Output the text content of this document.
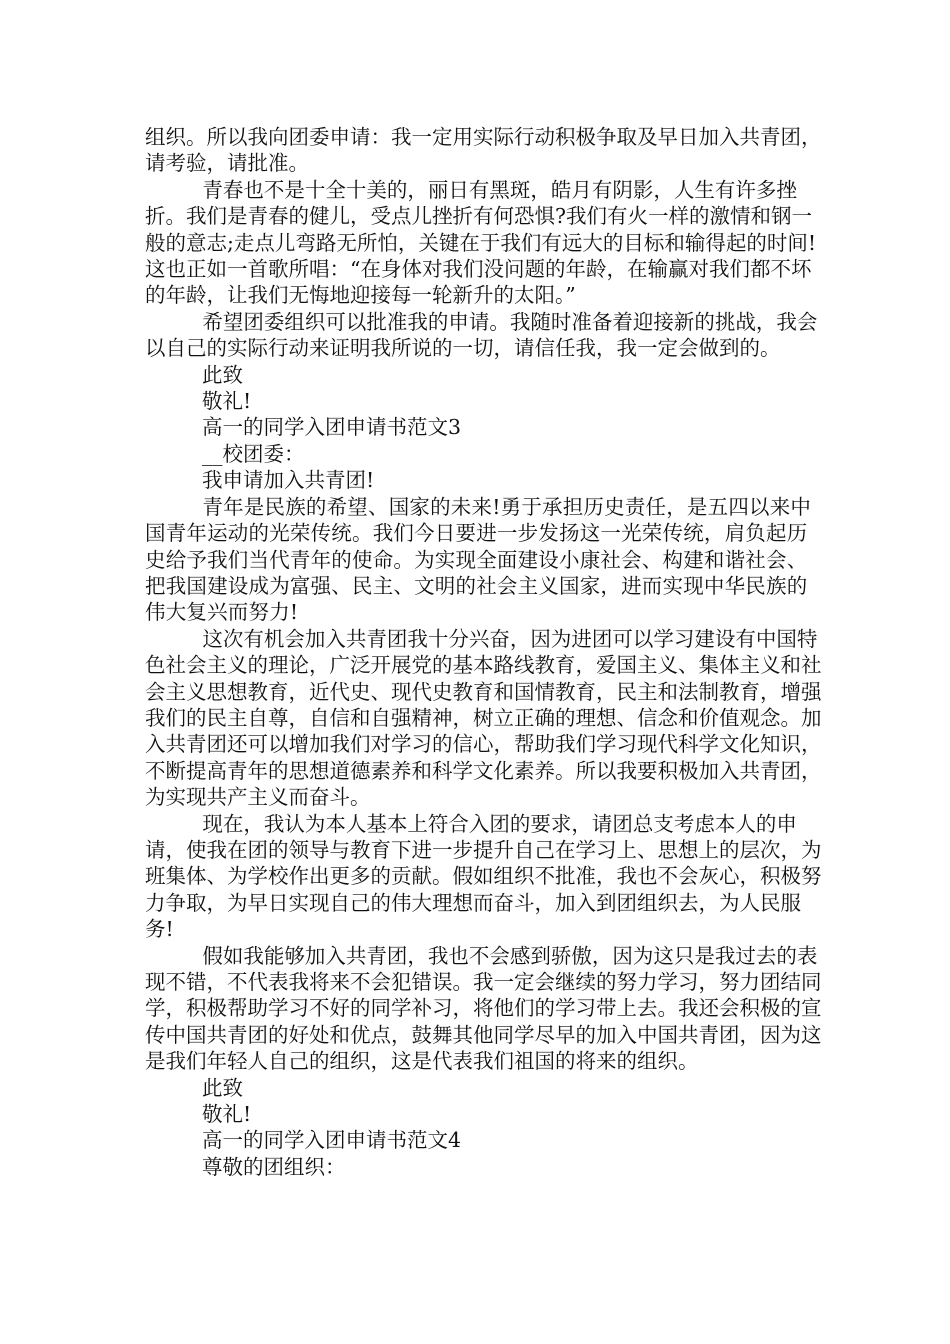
组织。所以我向团委申请：我一定用实际行动积极争取及早日加入共青团，请考验，请批准。

青春也不是十全十美的，丽日有黑斑，皓月有阴影，人生有许多挫折。我们是青春的健儿，受点儿挫折有何恐惧?我们有火一样的激情和钢一般的意志;走点儿弯路无所怕，关键在于我们有远大的目标和输得起的时间!这也正如一首歌所唱：“在身体对我们没问题的年龄，在输赢对我们都不坏的年龄，让我们无悔地迎接每一轮新升的太阳。”

希望团委组织可以批准我的申请。我随时准备着迎接新的挑战，我会以自己的实际行动来证明我所说的一切，请信任我，我一定会做到的。

此致

敬礼!

高一的同学入团申请书范文3

__校团委：

我申请加入共青团!

青年是民族的希望、国家的未来!勇于承担历史责任，是五四以来中国青年运动的光荣传统。我们今日要进一步发扬这一光荣传统，肩负起历史给予我们当代青年的使命。为实现全面建设小康社会、构建和谐社会、把我国建设成为富强、民主、文明的社会主义国家，进而实现中华民族的伟大复兴而努力!

这次有机会加入共青团我十分兴奋，因为进团可以学习建设有中国特色社会主义的理论，广泛开展党的基本路线教育，爱国主义、集体主义和社会主义思想教育，近代史、现代史教育和国情教育，民主和法制教育，增强我们的民主自尊，自信和自强精神，树立正确的理想、信念和价值观念。加入共青团还可以增加我们对学习的信心，帮助我们学习现代科学文化知识，不断提高青年的思想道德素养和科学文化素养。所以我要积极加入共青团，为实现共产主义而奋斗。

现在，我认为本人基本上符合入团的要求，请团总支考虑本人的申请，使我在团的领导与教育下进一步提升自己在学习上、思想上的层次，为班集体、为学校作出更多的贡献。假如组织不批准，我也不会灰心，积极努力争取，为早日实现自己的伟大理想而奋斗，加入到团组织去，为人民服务!

假如我能够加入共青团，我也不会感到骄傲，因为这只是我过去的表现不错，不代表我将来不会犯错误。我一定会继续的努力学习，努力团结同学，积极帮助学习不好的同学补习，将他们的学习带上去。我还会积极的宣传中国共青团的好处和优点，鼓舞其他同学尽早的加入中国共青团，因为这是我们年轻人自己的组织，这是代表我们祖国的将来的组织。

此致

敬礼!

高一的同学入团申请书范文4

尊敬的团组织：
